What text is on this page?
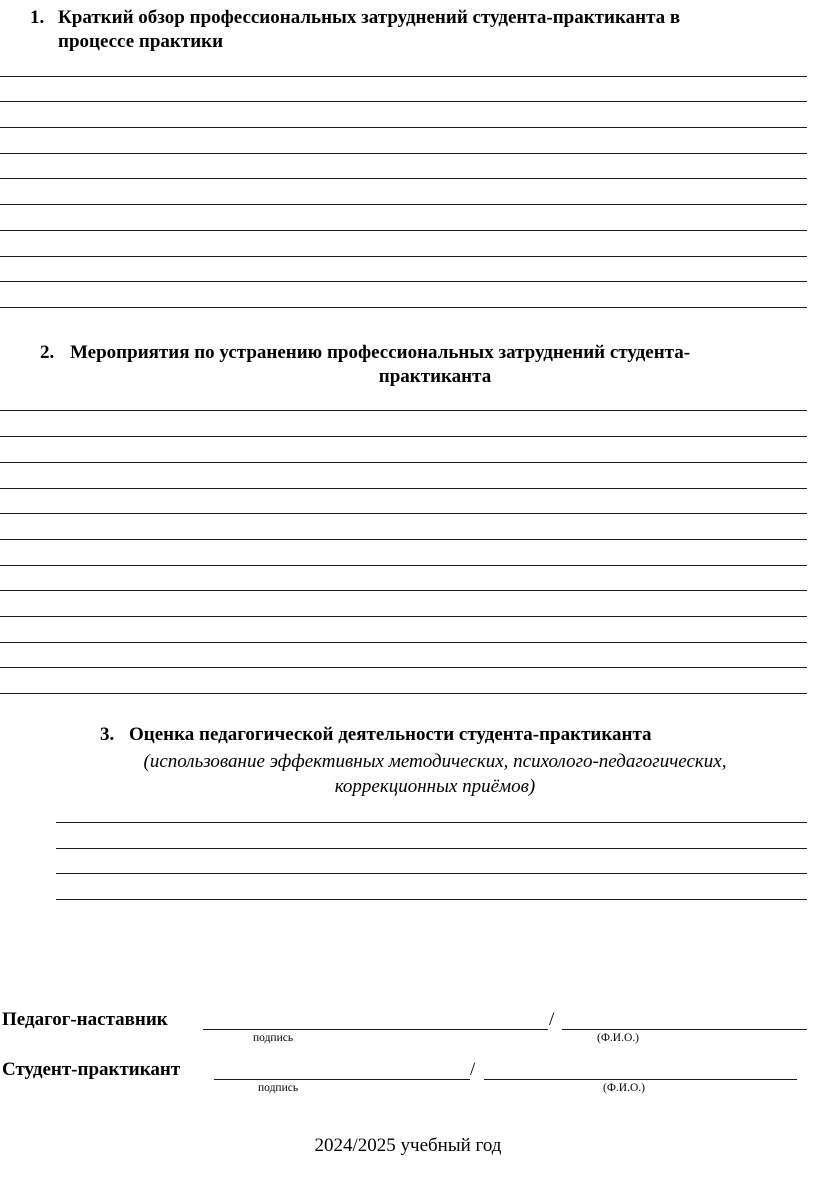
1. Краткий обзор профессиональных затруднений студента-практиканта в
процессе практики
2. Мероприятия по устранению профессиональных затруднений студента-
практиканта
3. Оценка педагогической деятельности студента-практиканта
(использование эффективных методических, психолого-педагогических,
коррекционных приёмов)
Педагог-наставник	/
подпись	(Ф.И.О.)
Студент-практикант	/
подпись	(Ф.И.О.)
2024/2025 учебный год
